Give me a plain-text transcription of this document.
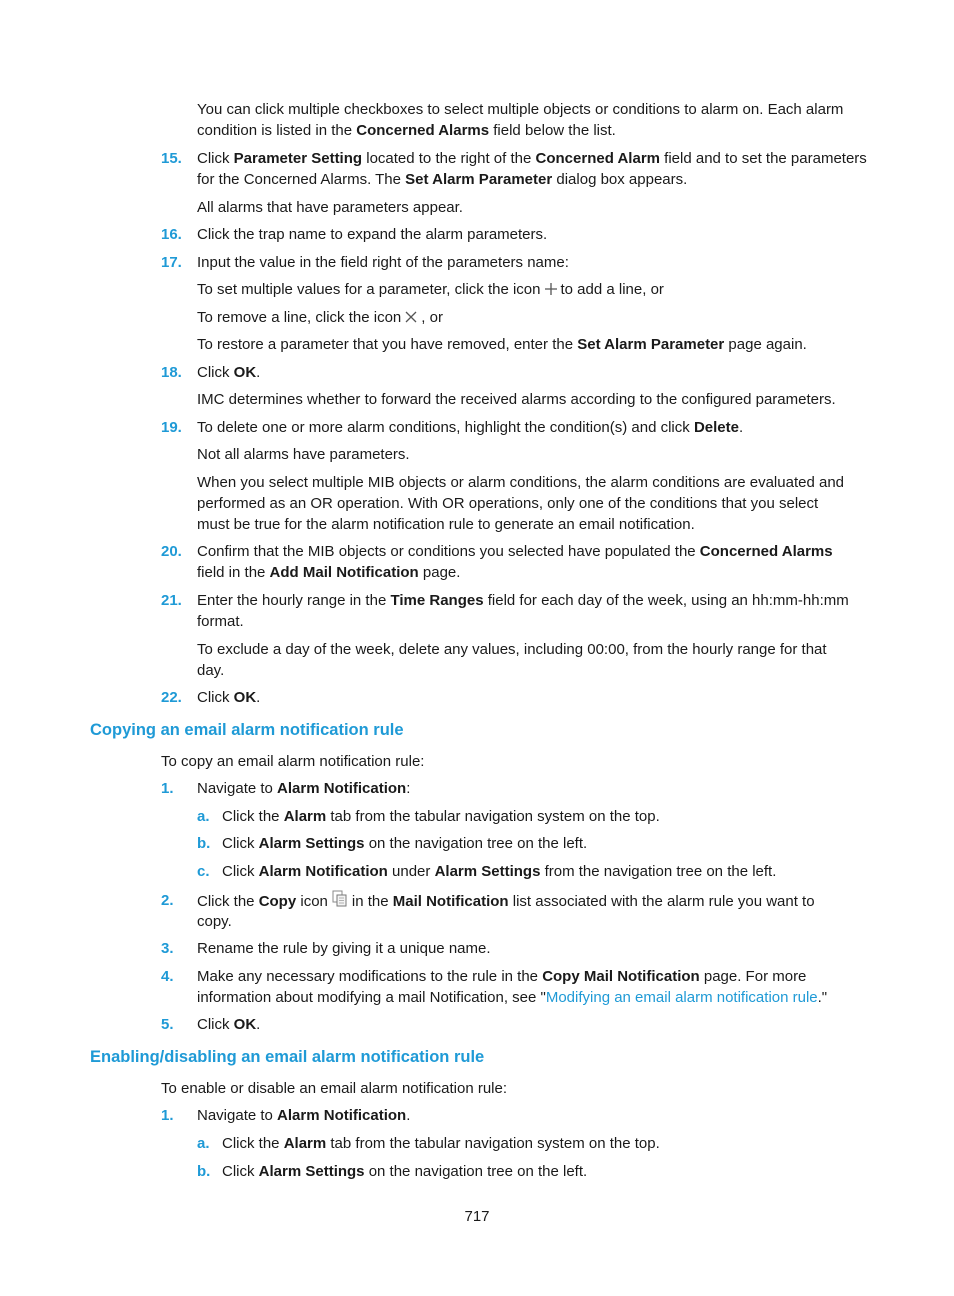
You can click multiple checkboxes to select multiple objects or conditions to alarm on. Each alarm
condition is listed in the Concerned Alarms field below the list.
15. Click Parameter Setting located to the right of the Concerned Alarm field and to set the parameters
for the Concerned Alarms. The Set Alarm Parameter dialog box appears.
All alarms that have parameters appear.
16. Click the trap name to expand the alarm parameters.
17. Input the value in the field right of the parameters name:
To set multiple values for a parameter, click the icon to add a line, or
To remove a line, click the icon , or
To restore a parameter that you have removed, enter the Set Alarm Parameter page again.
18. Click OK.
IMC determines whether to forward the received alarms according to the configured parameters.
19. To delete one or more alarm conditions, highlight the condition(s) and click Delete.
Not all alarms have parameters.
When you select multiple MIB objects or alarm conditions, the alarm conditions are evaluated and
performed as an OR operation. With OR operations, only one of the conditions that you select
must be true for the alarm notification rule to generate an email notification.
20. Confirm that the MIB objects or conditions you selected have populated the Concerned Alarms
field in the Add Mail Notification page.
21. Enter the hourly range in the Time Ranges field for each day of the week, using an hh:mm-hh:mm
format.
To exclude a day of the week, delete any values, including 00:00, from the hourly range for that
day.
22. Click OK.
Copying an email alarm notification rule
To copy an email alarm notification rule:
1. Navigate to Alarm Notification:
a. Click the Alarm tab from the tabular navigation system on the top.
b. Click Alarm Settings on the navigation tree on the left.
c. Click Alarm Notification under Alarm Settings from the navigation tree on the left.
2. Click the Copy icon in the Mail Notification list associated with the alarm rule you want to
copy.
3. Rename the rule by giving it a unique name.
4. Make any necessary modifications to the rule in the Copy Mail Notification page. For more
information about modifying a mail Notification, see "Modifying an email alarm notification rule."
5. Click OK.
Enabling/disabling an email alarm notification rule
To enable or disable an email alarm notification rule:
1. Navigate to Alarm Notification.
a. Click the Alarm tab from the tabular navigation system on the top.
b. Click Alarm Settings on the navigation tree on the left.
717
